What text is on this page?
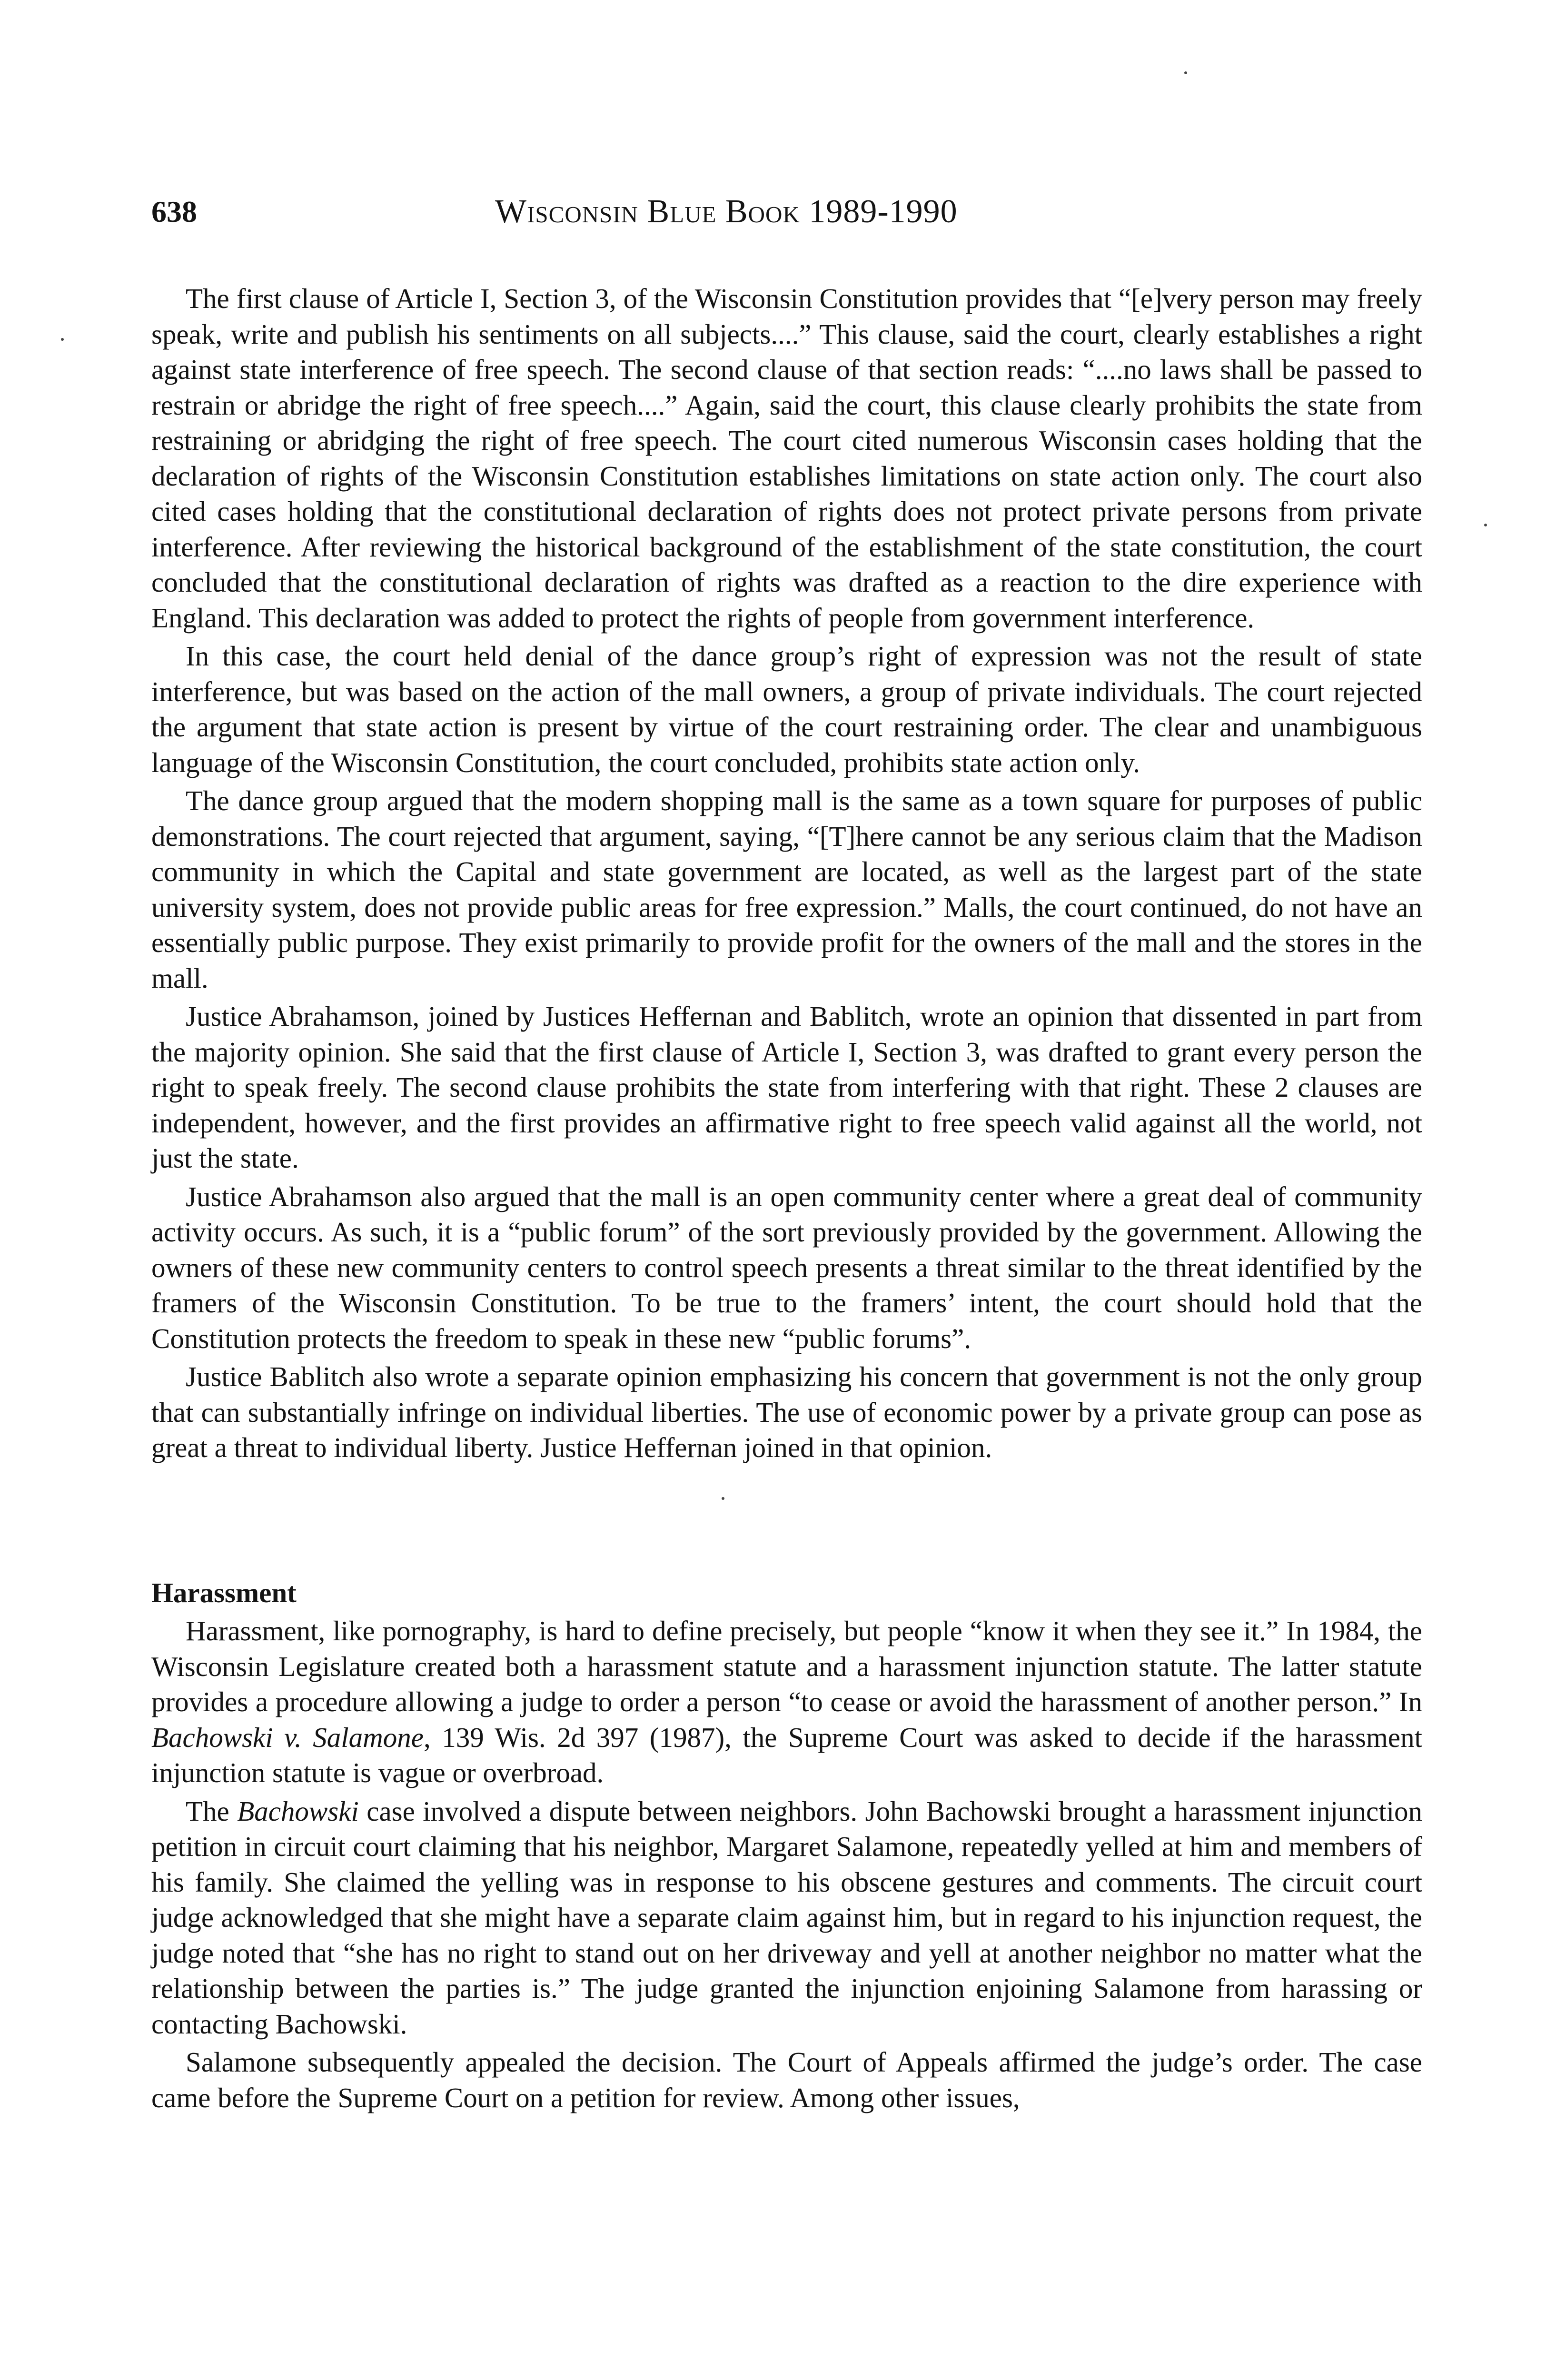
638	Wisconsin Blue Book 1989-1990

The first clause of Article I, Section 3, of the Wisconsin Constitution provides that “[e]very person may freely speak, write and publish his sentiments on all subjects....” This clause, said the court, clearly establishes a right against state interference of free speech. The second clause of that section reads: “....no laws shall be passed to restrain or abridge the right of free speech....” Again, said the court, this clause clearly prohibits the state from restraining or abridging the right of free speech. The court cited numerous Wisconsin cases holding that the declaration of rights of the Wisconsin Constitution establishes limitations on state action only. The court also cited cases holding that the constitutional declaration of rights does not protect private persons from private interference. After reviewing the historical background of the establishment of the state constitution, the court concluded that the constitutional declaration of rights was drafted as a reaction to the dire experience with England. This declaration was added to protect the rights of people from government interference.

In this case, the court held denial of the dance group’s right of expression was not the result of state interference, but was based on the action of the mall owners, a group of private individuals. The court rejected the argument that state action is present by virtue of the court restraining order. The clear and unambiguous language of the Wisconsin Constitution, the court concluded, prohibits state action only.

The dance group argued that the modern shopping mall is the same as a town square for purposes of public demonstrations. The court rejected that argument, saying, “[T]here cannot be any serious claim that the Madison community in which the Capital and state government are located, as well as the largest part of the state university system, does not provide public areas for free expression.” Malls, the court continued, do not have an essentially public purpose. They exist primarily to provide profit for the owners of the mall and the stores in the mall.

Justice Abrahamson, joined by Justices Heffernan and Bablitch, wrote an opinion that dissented in part from the majority opinion. She said that the first clause of Article I, Section 3, was drafted to grant every person the right to speak freely. The second clause prohibits the state from interfering with that right. These 2 clauses are independent, however, and the first provides an affirmative right to free speech valid against all the world, not just the state.

Justice Abrahamson also argued that the mall is an open community center where a great deal of community activity occurs. As such, it is a “public forum” of the sort previously provided by the government. Allowing the owners of these new community centers to control speech presents a threat similar to the threat identified by the framers of the Wisconsin Constitution. To be true to the framers’ intent, the court should hold that the Constitution protects the freedom to speak in these new “public forums”.

Justice Bablitch also wrote a separate opinion emphasizing his concern that government is not the only group that can substantially infringe on individual liberties. The use of economic power by a private group can pose as great a threat to individual liberty. Justice Heffernan joined in that opinion.

Harassment

Harassment, like pornography, is hard to define precisely, but people “know it when they see it.” In 1984, the Wisconsin Legislature created both a harassment statute and a harassment injunction statute. The latter statute provides a procedure allowing a judge to order a person “to cease or avoid the harassment of another person.” In Bachowski v. Salamone, 139 Wis. 2d 397 (1987), the Supreme Court was asked to decide if the harassment injunction statute is vague or overbroad.

The Bachowski case involved a dispute between neighbors. John Bachowski brought a harassment injunction petition in circuit court claiming that his neighbor, Margaret Salamone, repeatedly yelled at him and members of his family. She claimed the yelling was in response to his obscene gestures and comments. The circuit court judge acknowledged that she might have a separate claim against him, but in regard to his injunction request, the judge noted that “she has no right to stand out on her driveway and yell at another neighbor no matter what the relationship between the parties is.” The judge granted the injunction enjoining Salamone from harassing or contacting Bachowski.

Salamone subsequently appealed the decision. The Court of Appeals affirmed the judge’s order. The case came before the Supreme Court on a petition for review. Among other issues,
